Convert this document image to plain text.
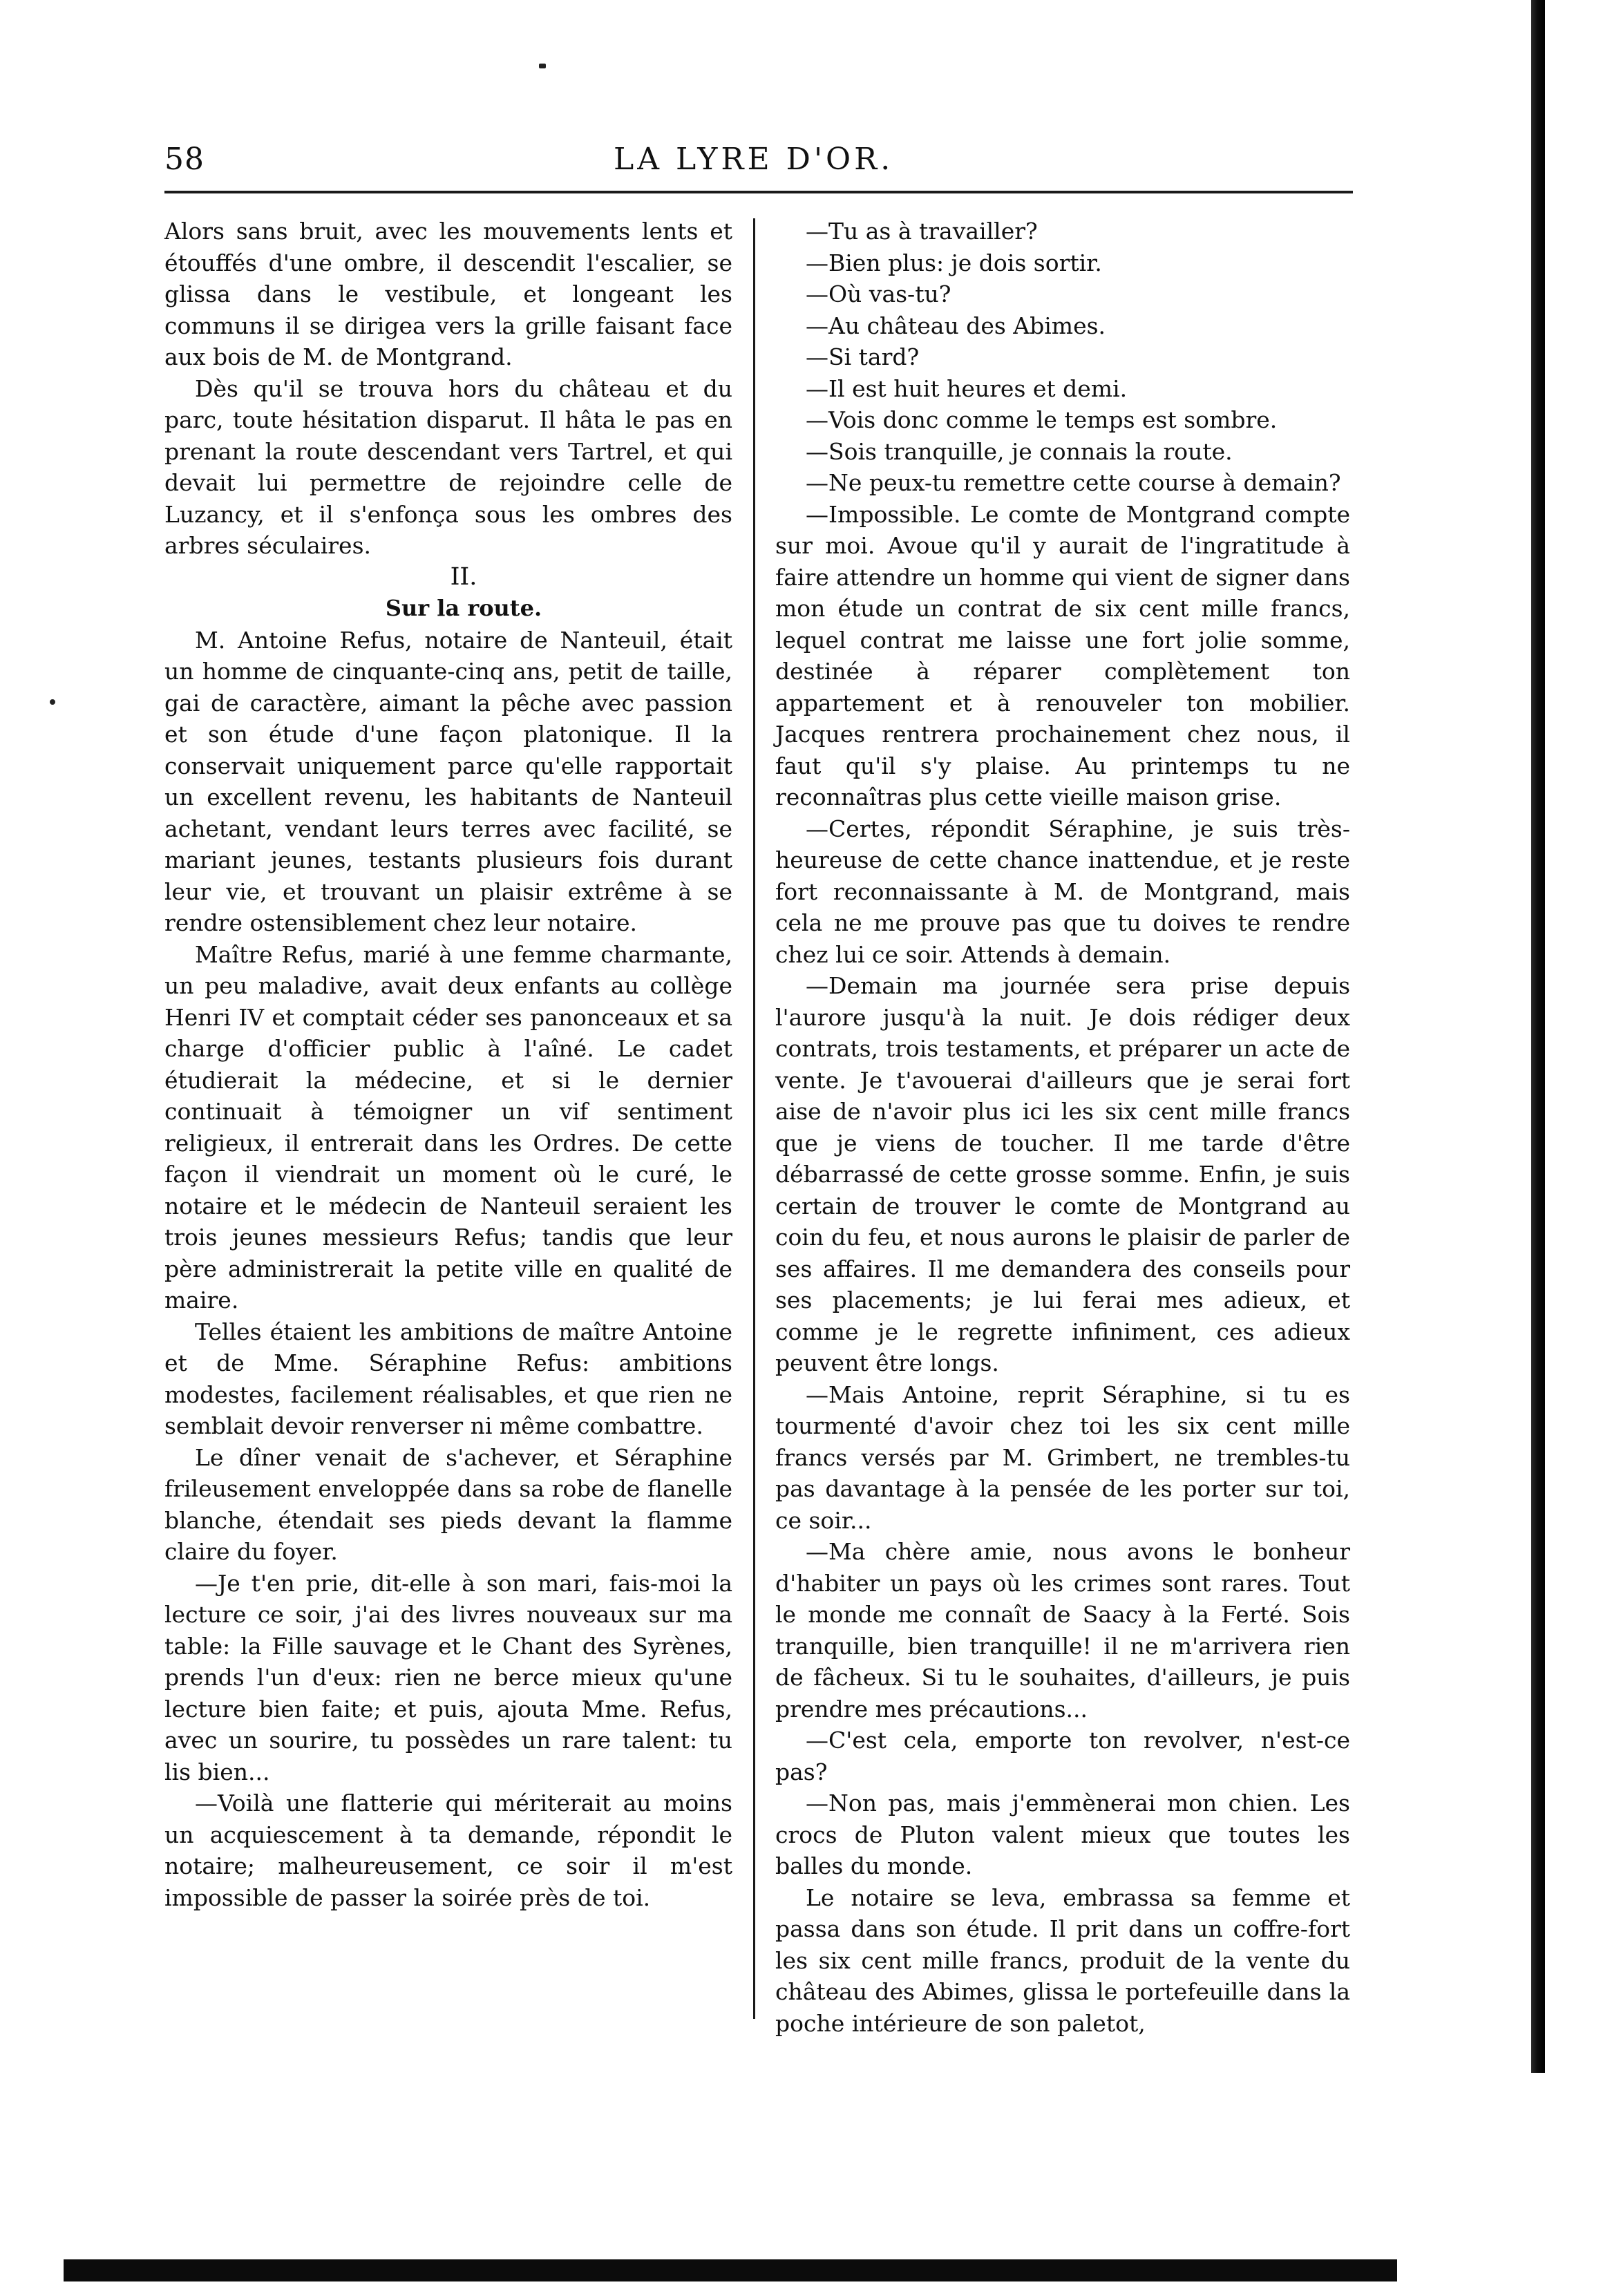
58	LA LYRE D'OR.

Alors sans bruit, avec les mouvements lents et étouffés d'une ombre, il descendit l'escalier, se glissa dans le vestibule, et longeant les communs il se dirigea vers la grille faisant face aux bois de M. de Montgrand.

Dès qu'il se trouva hors du château et du parc, toute hésitation disparut. Il hâta le pas en prenant la route descendant vers Tartrel, et qui devait lui permettre de rejoindre celle de Luzancy, et il s'enfonça sous les ombres des arbres séculaires.

II.

Sur la route.

M. Antoine Refus, notaire de Nanteuil, était un homme de cinquante-cinq ans, petit de taille, gai de caractère, aimant la pêche avec passion et son étude d'une façon platonique. Il la conservait uniquement parce qu'elle rapportait un excellent revenu, les habitants de Nanteuil achetant, vendant leurs terres avec facilité, se mariant jeunes, testants plusieurs fois durant leur vie, et trouvant un plaisir extrême à se rendre ostensiblement chez leur notaire.

Maître Refus, marié à une femme charmante, un peu maladive, avait deux enfants au collège Henri IV et comptait céder ses panonceaux et sa charge d'officier public à l'aîné. Le cadet étudierait la médecine, et si le dernier continuait à témoigner un vif sentiment religieux, il entrerait dans les Ordres. De cette façon il viendrait un moment où le curé, le notaire et le médecin de Nanteuil seraient les trois jeunes messieurs Refus; tandis que leur père administrerait la petite ville en qualité de maire.

Telles étaient les ambitions de maître Antoine et de Mme. Séraphine Refus: ambitions modestes, facilement réalisables, et que rien ne semblait devoir renverser ni même combattre.

Le dîner venait de s'achever, et Séraphine frileusement enveloppée dans sa robe de flanelle blanche, étendait ses pieds devant la flamme claire du foyer.

—Je t'en prie, dit-elle à son mari, fais-moi la lecture ce soir, j'ai des livres nouveaux sur ma table: la Fille sauvage et le Chant des Syrènes, prends l'un d'eux: rien ne berce mieux qu'une lecture bien faite; et puis, ajouta Mme. Refus, avec un sourire, tu possèdes un rare talent: tu lis bien...

—Voilà une flatterie qui mériterait au moins un acquiescement à ta demande, répondit le notaire; malheureusement, ce soir il m'est impossible de passer la soirée près de toi.

—Tu as à travailler?

—Bien plus: je dois sortir.

—Où vas-tu?

—Au château des Abimes.

—Si tard?

—Il est huit heures et demi.

—Vois donc comme le temps est sombre.

—Sois tranquille, je connais la route.

—Ne peux-tu remettre cette course à demain?

—Impossible. Le comte de Montgrand compte sur moi. Avoue qu'il y aurait de l'ingratitude à faire attendre un homme qui vient de signer dans mon étude un contrat de six cent mille francs, lequel contrat me laisse une fort jolie somme, destinée à réparer complètement ton appartement et à renouveler ton mobilier. Jacques rentrera prochainement chez nous, il faut qu'il s'y plaise. Au printemps tu ne reconnaîtras plus cette vieille maison grise.

—Certes, répondit Séraphine, je suis très-heureuse de cette chance inattendue, et je reste fort reconnaissante à M. de Montgrand, mais cela ne me prouve pas que tu doives te rendre chez lui ce soir. Attends à demain.

—Demain ma journée sera prise depuis l'aurore jusqu'à la nuit. Je dois rédiger deux contrats, trois testaments, et préparer un acte de vente. Je t'avouerai d'ailleurs que je serai fort aise de n'avoir plus ici les six cent mille francs que je viens de toucher. Il me tarde d'être débarrassé de cette grosse somme. Enfin, je suis certain de trouver le comte de Montgrand au coin du feu, et nous aurons le plaisir de parler de ses affaires. Il me demandera des conseils pour ses placements; je lui ferai mes adieux, et comme je le regrette infiniment, ces adieux peuvent être longs.

—Mais Antoine, reprit Séraphine, si tu es tourmenté d'avoir chez toi les six cent mille francs versés par M. Grimbert, ne trembles-tu pas davantage à la pensée de les porter sur toi, ce soir...

—Ma chère amie, nous avons le bonheur d'habiter un pays où les crimes sont rares. Tout le monde me connaît de Saacy à la Ferté. Sois tranquille, bien tranquille! il ne m'arrivera rien de fâcheux. Si tu le souhaites, d'ailleurs, je puis prendre mes précautions...

—C'est cela, emporte ton revolver, n'est-ce pas?

—Non pas, mais j'emmènerai mon chien. Les crocs de Pluton valent mieux que toutes les balles du monde.

Le notaire se leva, embrassa sa femme et passa dans son étude. Il prit dans un coffre-fort les six cent mille francs, produit de la vente du château des Abimes, glissa le portefeuille dans la poche intérieure de son paletot,
